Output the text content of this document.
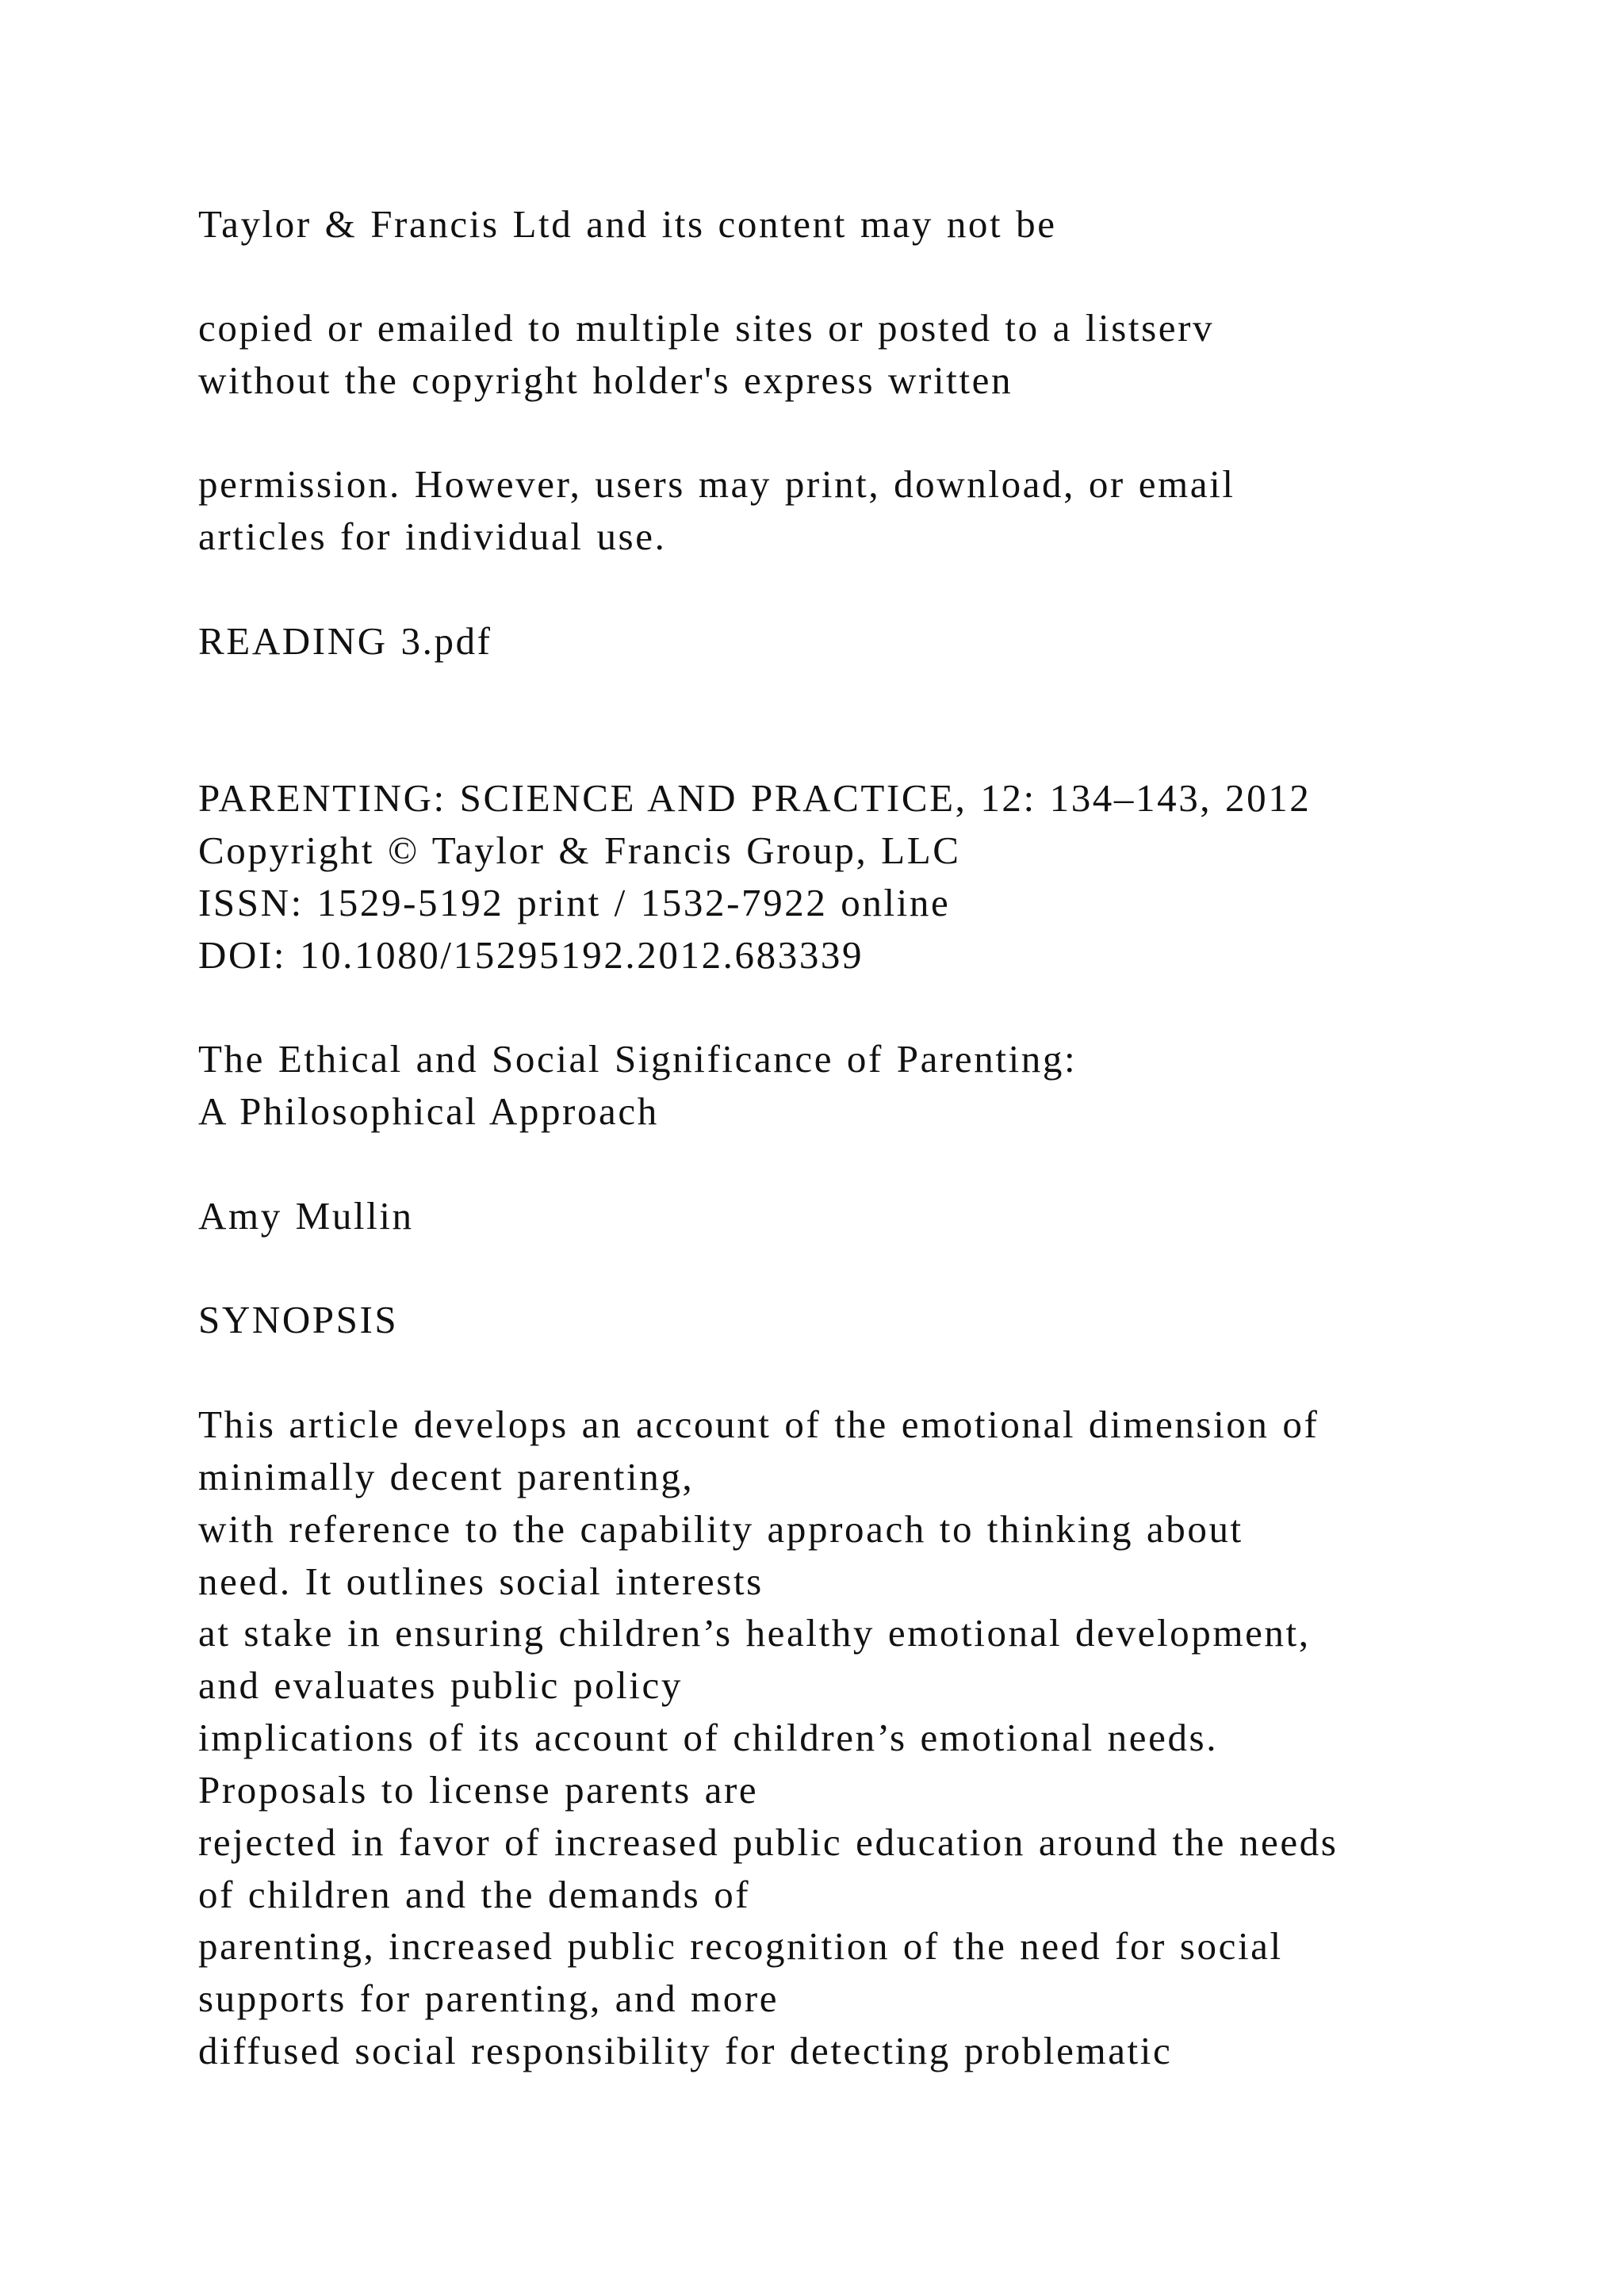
Taylor & Francis Ltd and its content may not be
copied or emailed to multiple sites or posted to a listserv
without the copyright holder's express written
permission. However, users may print, download, or email
articles for individual use.
READING 3.pdf
PARENTING: SCIENCE AND PRACTICE, 12: 134–143, 2012
Copyright © Taylor & Francis Group, LLC
ISSN: 1529-5192 print / 1532-7922 online
DOI: 10.1080/15295192.2012.683339
The Ethical and Social Significance of Parenting:
A Philosophical Approach
Amy Mullin
SYNOPSIS
This article develops an account of the emotional dimension of
minimally decent parenting,
with reference to the capability approach to thinking about
need. It outlines social interests
at stake in ensuring children’s healthy emotional development,
and evaluates public policy
implications of its account of children’s emotional needs.
Proposals to license parents are
rejected in favor of increased public education around the needs
of children and the demands of
parenting, increased public recognition of the need for social
supports for parenting, and more
diffused social responsibility for detecting problematic
